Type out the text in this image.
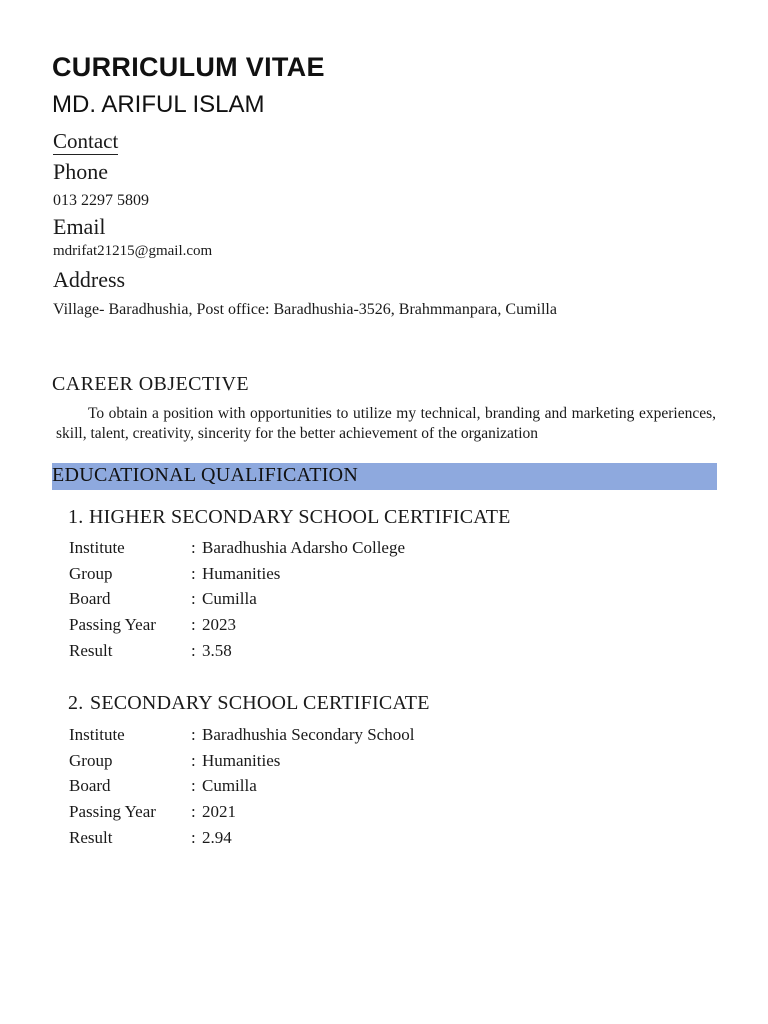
CURRICULUM VITAE
MD. ARIFUL ISLAM
Contact
Phone
013 2297 5809
Email
mdrifat21215@gmail.com
Address
Village- Baradhushia, Post office: Baradhushia-3526, Brahmmanpara, Cumilla
CAREER OBJECTIVE
To obtain a position with opportunities to utilize my technical, branding and marketing experiences, skill, talent, creativity, sincerity for the better achievement of the organization
EDUCATIONAL QUALIFICATION
1. HIGHER SECONDARY SCHOOL CERTIFICATE
Institute	: Baradhushia Adarsho College
Group	: Humanities
Board	: Cumilla
Passing Year : 2023
Result	: 3.58
2. SECONDARY SCHOOL CERTIFICATE
Institute	: Baradhushia Secondary School
Group	: Humanities
Board	: Cumilla
Passing Year : 2021
Result	: 2.94
